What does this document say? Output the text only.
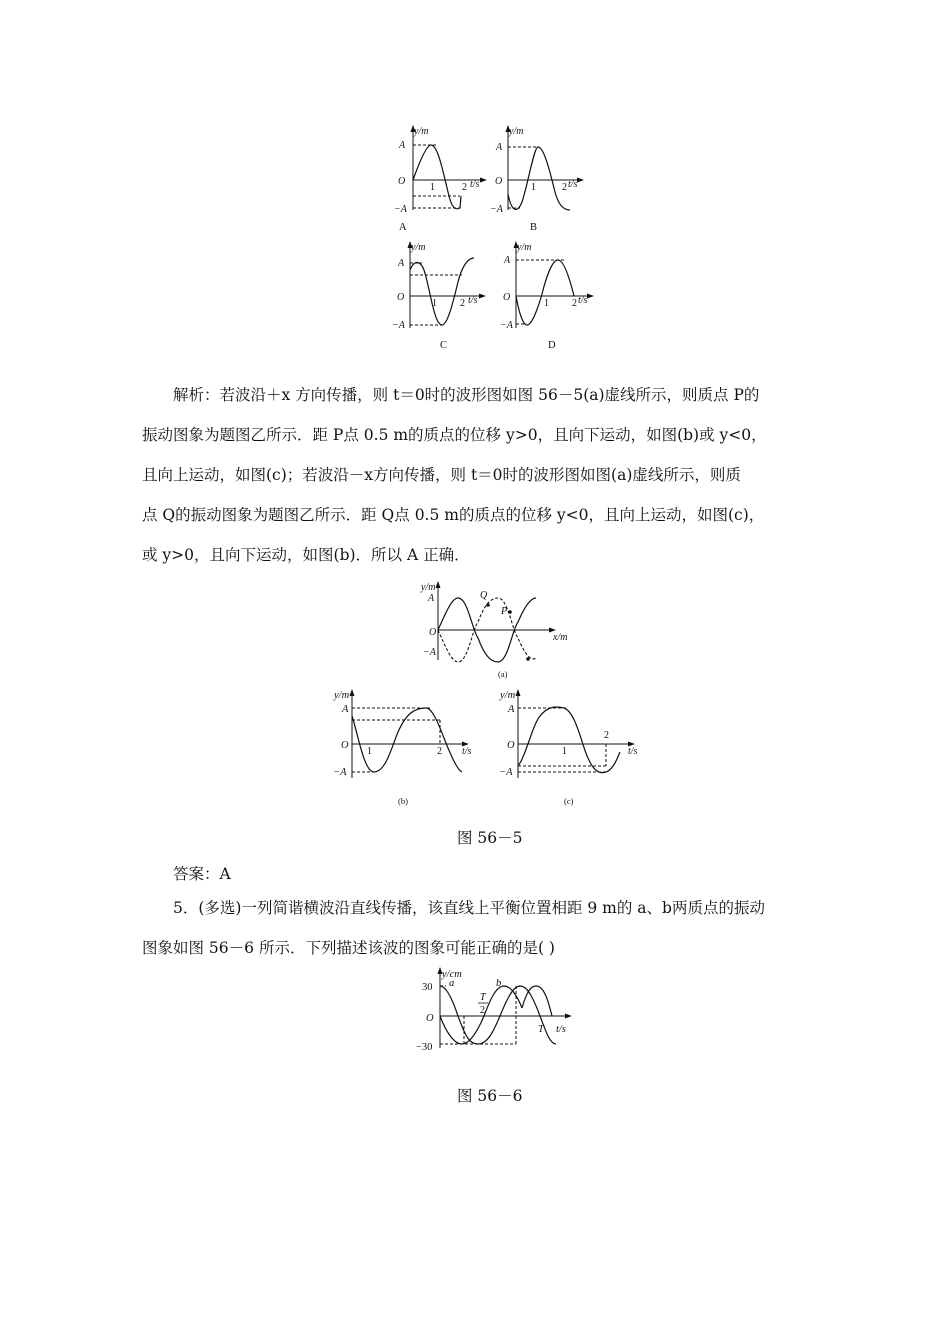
y/m
A
O
−A
1	2 t/s
A
y/m
A
O
−A
1	2 t/s
B
y/m
A
O
−A
1 2 t/s
C
y/m
A
O
−A
1 2 t/s
D

解析：若波沿＋x 方向传播，则 t＝0时的波形图如图 56－5(a)虚线所示，则质点 P的

振动图象为题图乙所示．距 P点 0.5 m的质点的位移 y>0，且向下运动，如图(b)或 y<0，

且向上运动，如图(c)；若波沿－x方向传播，则 t＝0时的波形图如图(a)虚线所示，则质

点 Q的振动图象为题图乙所示．距 Q点 0.5 m的质点的位移 y<0，且向上运动，如图(c)，

或 y>0，且向下运动，如图(b)．所以 A 正确．

y/m
A
O
−A
Q
P
x/m
(a)
y/m
A
O
−A
1	2 t/s
(b)
y/m
A
O
−A
1
2
t/s
(c)
图 56－5
答案：A

5．(多选)一列简谐横波沿直线传播，该直线上平衡位置相距 9 m的 a、b两质点的振动

图象如图 56－6 所示．下列描述该波的图象可能正确的是( )

y/cm
30
O
−30
a	b
T
2
T t/s
图 56－6
